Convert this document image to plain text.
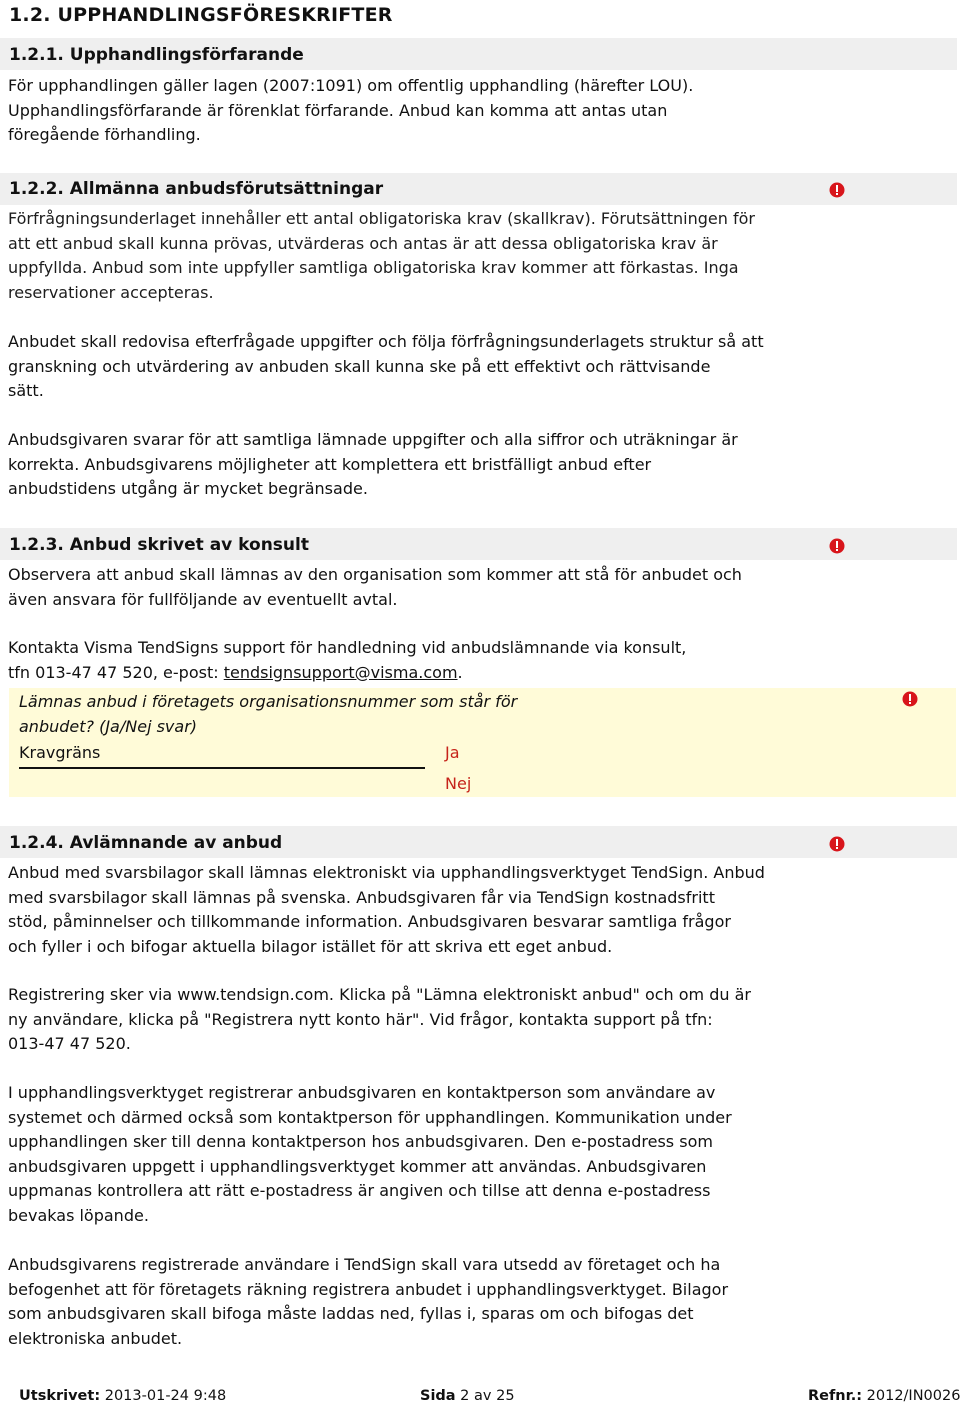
1.2. UPPHANDLINGSFÖRESKRIFTER
1.2.1. Upphandlingsförfarande
För upphandlingen gäller lagen (2007:1091) om offentlig upphandling (härefter LOU).
Upphandlingsförfarande är förenklat förfarande. Anbud kan komma att antas utan
föregående förhandling.
1.2.2. Allmänna anbudsförutsättningar
Förfrågningsunderlaget innehåller ett antal obligatoriska krav (skallkrav). Förutsättningen för
att ett anbud skall kunna prövas, utvärderas och antas är att dessa obligatoriska krav är
uppfyllda. Anbud som inte uppfyller samtliga obligatoriska krav kommer att förkastas. Inga
reservationer accepteras.
Anbudet skall redovisa efterfrågade uppgifter och följa förfrågningsunderlagets struktur så att
granskning och utvärdering av anbuden skall kunna ske på ett effektivt och rättvisande
sätt.
Anbudsgivaren svarar för att samtliga lämnade uppgifter och alla siffror och uträkningar är
korrekta. Anbudsgivarens möjligheter att komplettera ett bristfälligt anbud efter
anbudstidens utgång är mycket begränsade.
1.2.3. Anbud skrivet av konsult
Observera att anbud skall lämnas av den organisation som kommer att stå för anbudet och
även ansvara för fullföljande av eventuellt avtal.
Kontakta Visma TendSigns support för handledning vid anbudslämnande via konsult,
tfn 013-47 47 520, e-post: tendsignsupport@visma.com.
Lämnas anbud i företagets organisationsnummer som står för
anbudet? (Ja/Nej svar)
Kravgräns	Ja
Nej
1.2.4. Avlämnande av anbud
Anbud med svarsbilagor skall lämnas elektroniskt via upphandlingsverktyget TendSign. Anbud
med svarsbilagor skall lämnas på svenska. Anbudsgivaren får via TendSign kostnadsfritt
stöd, påminnelser och tillkommande information. Anbudsgivaren besvarar samtliga frågor
och fyller i och bifogar aktuella bilagor istället för att skriva ett eget anbud.
Registrering sker via www.tendsign.com. Klicka på "Lämna elektroniskt anbud" och om du är
ny användare, klicka på "Registrera nytt konto här". Vid frågor, kontakta support på tfn:
013-47 47 520.
I upphandlingsverktyget registrerar anbudsgivaren en kontaktperson som användare av
systemet och därmed också som kontaktperson för upphandlingen. Kommunikation under
upphandlingen sker till denna kontaktperson hos anbudsgivaren. Den e-postadress som
anbudsgivaren uppgett i upphandlingsverktyget kommer att användas. Anbudsgivaren
uppmanas kontrollera att rätt e-postadress är angiven och tillse att denna e-postadress
bevakas löpande.
Anbudsgivarens registrerade användare i TendSign skall vara utsedd av företaget och ha
befogenhet att för företagets räkning registrera anbudet i upphandlingsverktyget. Bilagor
som anbudsgivaren skall bifoga måste laddas ned, fyllas i, sparas om och bifogas det
elektroniska anbudet.
Utskrivet: 2013-01-24 9:48	Sida 2 av 25	Refnr.: 2012/IN0026
